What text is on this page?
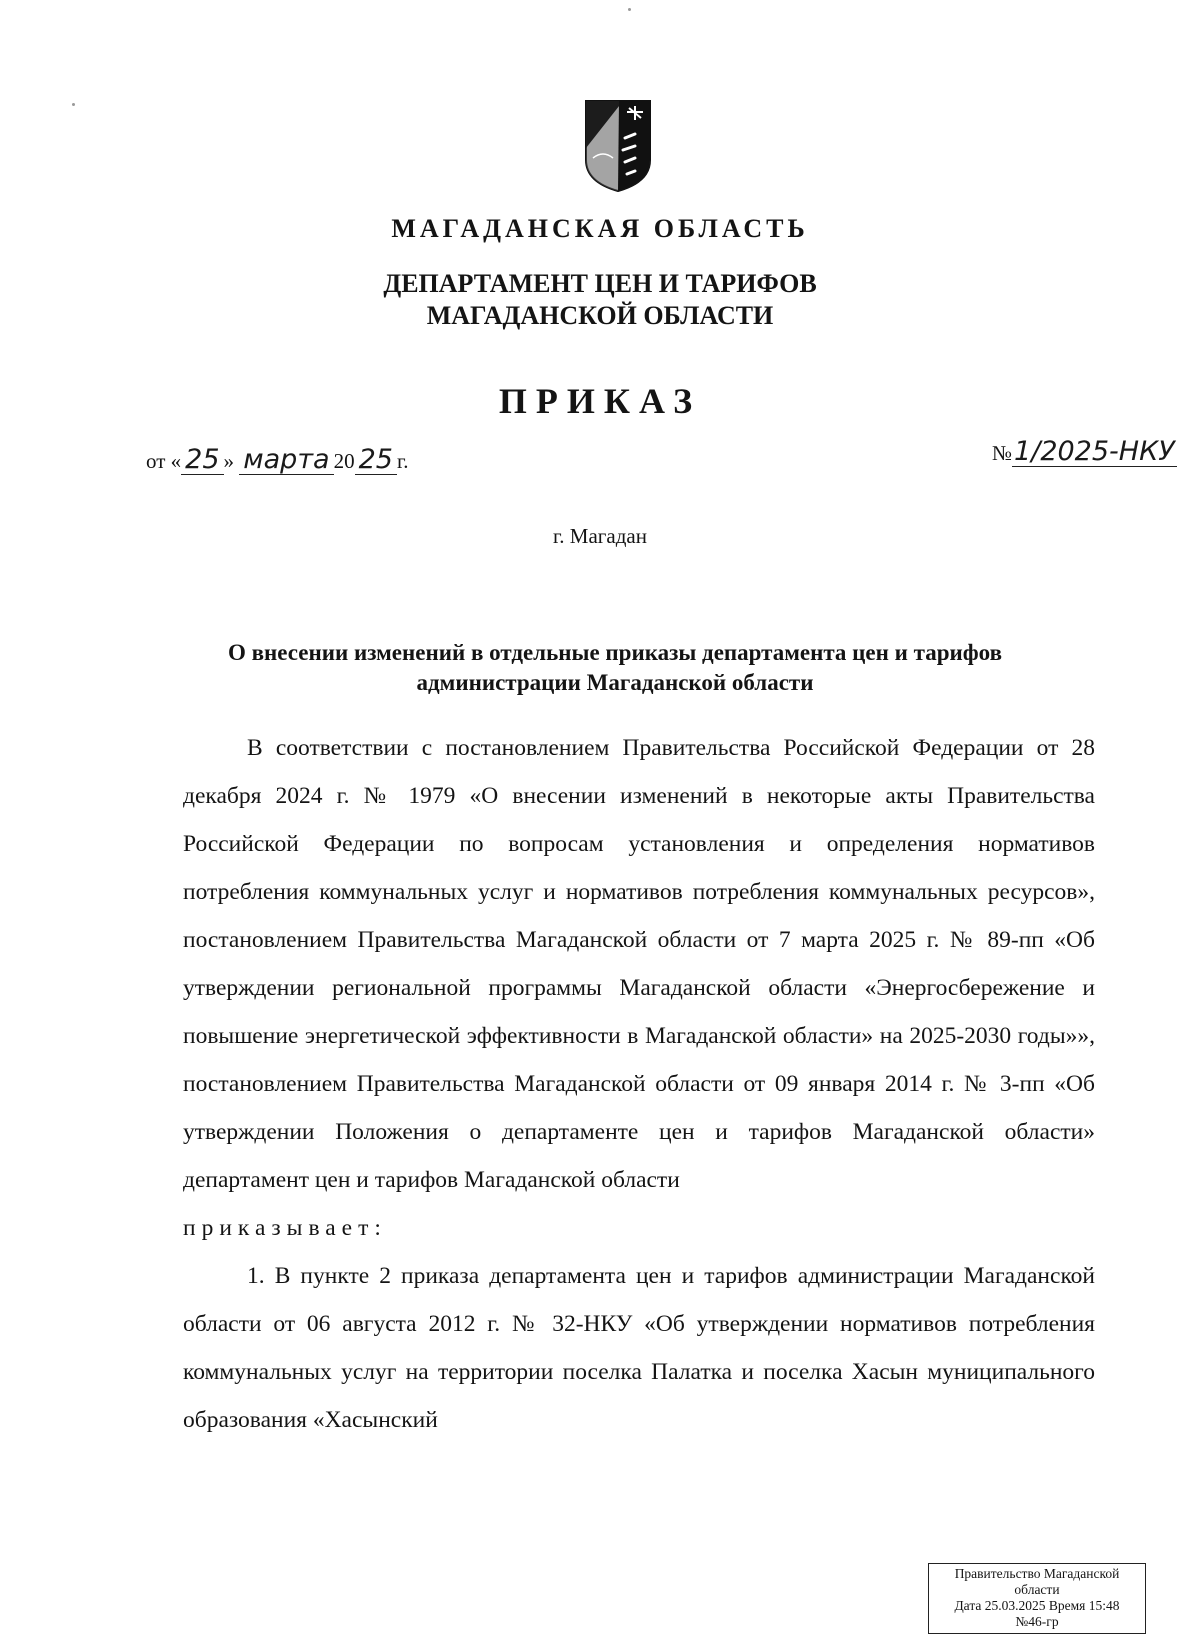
МАГАДАНСКАЯ ОБЛАСТЬ
ДЕПАРТАМЕНТ ЦЕН И ТАРИФОВ
МАГАДАНСКОЙ ОБЛАСТИ
ПРИКАЗ
от « 25 » марта 20 25 г.	№1/2025-НКУ
г. Магадан
О внесении изменений в отдельные приказы департамента цен и тарифов администрации Магаданской области

В соответствии с постановлением Правительства Российской Федерации от 28 декабря 2024 г. № 1979 «О внесении изменений в некоторые акты Правительства Российской Федерации по вопросам установления и определения нормативов потребления коммунальных услуг и нормативов потребления коммунальных ресурсов», постановлением Правительства Магаданской области от 7 марта 2025 г. № 89-пп «Об утверждении региональной программы Магаданской области «Энергосбережение и повышение энергетической эффективности в Магаданской области» на 2025-2030 годы»», постановлением Правительства Магаданской области от 09 января 2014 г. № 3-пп «Об утверждении Положения о департаменте цен и тарифов Магаданской области» департамент цен и тарифов Магаданской области

приказывает:

1. В пункте 2 приказа департамента цен и тарифов администрации Магаданской области от 06 августа 2012 г. № 32-НКУ «Об утверждении нормативов потребления коммунальных услуг на территории поселка Палатка и поселка Хасын муниципального образования «Хасынский

Правительство Магаданской
области
Дата 25.03.2025 Время 15:48
№46-гр
